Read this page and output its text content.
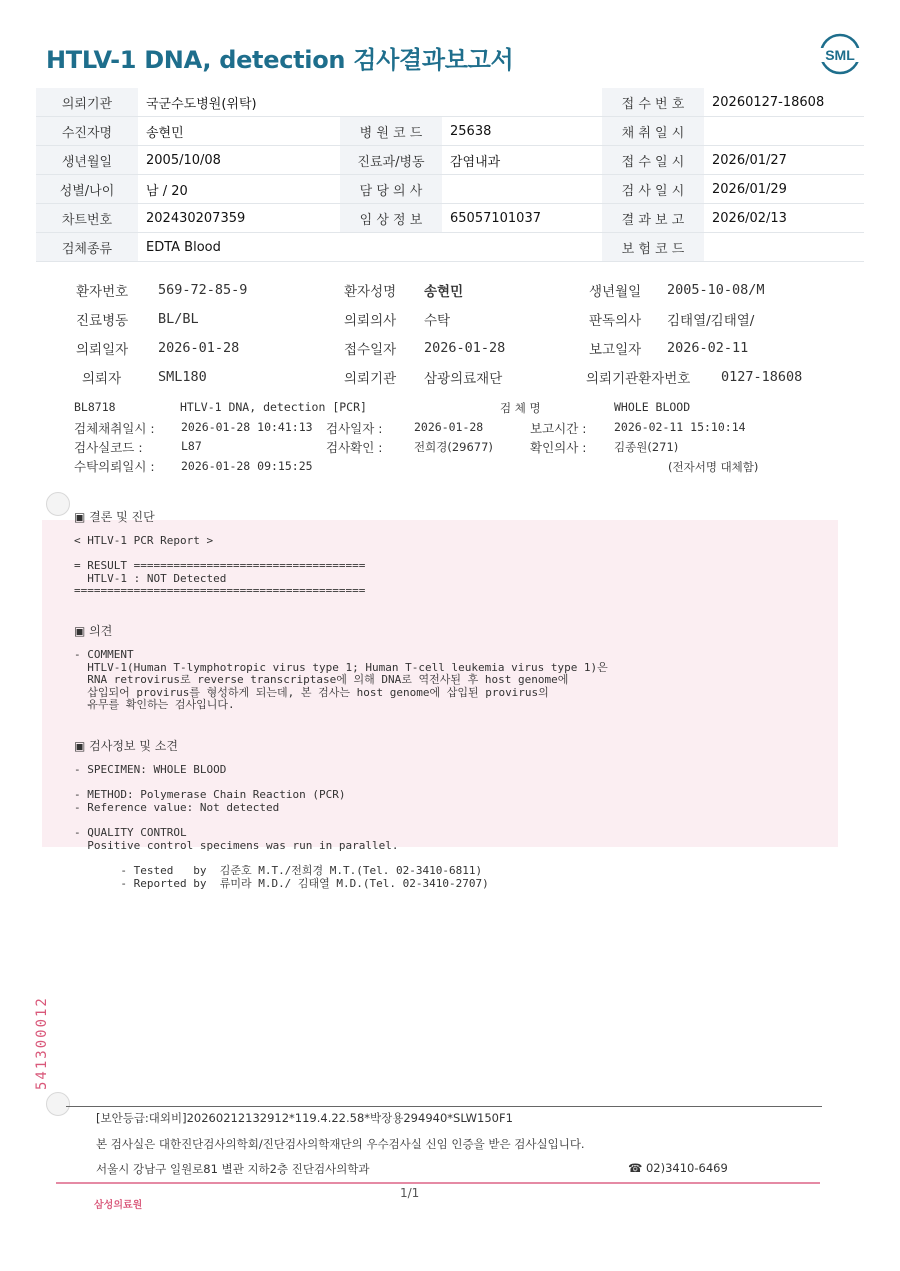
HTLV-1 DNA, detection 검사결과보고서	SML
의뢰기관	국군수도병원(위탁)			접 수 번 호	20260127-18608
수진자명	송현민	병 원 코 드	25638	채 취 일 시	
생년월일	2005/10/08	진료과/병동	감염내과	접 수 일 시	2026/01/27
성별/나이	남 / 20	담 당 의 사		검 사 일 시	2026/01/29
차트번호	202430207359	임 상 정 보	65057101037	결 과 보 고	2026/02/13
검체종류	EDTA Blood			보 험 코 드	
환자번호 569-72-85-9	환자성명 송현민	생년월일 2005-10-08/M
진료병동 BL/BL	의뢰의사 수탁	판독의사 김태열/김태열/
의뢰일자 2026-01-28	접수일자 2026-01-28	보고일자 2026-02-11
의뢰자	SML180	의뢰기관 삼광의료재단	의뢰기관환자번호 0127-18608
BL8718	HTLV-1 DNA, detection [PCR]	검 체 명	WHOLE BLOOD
검체채취일시 : 2026-01-28 10:41:13 검사일자 :	2026-01-28	보고시간 : 2026-02-11 15:10:14
검사실코드 :	L87	검사확인 :	전희경(29677)	확인의사 : 김종원(271)
수탁의뢰일시 : 2026-01-28 09:15:25	(전자서명 대체함)
▣ 결론 및 진단
< HTLV-1 PCR Report >

= RESULT ===================================
HTLV-1 : NOT Detected
============================================
▣ 의견
- COMMENT
HTLV-1(Human T-lymphotropic virus type 1; Human T-cell leukemia virus type 1)은
RNA retrovirus로 reverse transcriptase에 의해 DNA로 역전사된 후 host genome에
삽입되어 provirus를 형성하게 되는데, 본 검사는 host genome에 삽입된 provirus의
유무를 확인하는 검사입니다.
▣ 검사정보 및 소견
- SPECIMEN: WHOLE BLOOD

- METHOD: Polymerase Chain Reaction (PCR)
- Reference value: Not detected

- QUALITY CONTROL
Positive control specimens was run in parallel.
- Tested   by  김준호 M.T./전희경 M.T.(Tel. 02-3410-6811)
- Reported by  류미라 M.D./ 김태열 M.D.(Tel. 02-3410-2707)
541300012
[보안등급:대외비]20260212132912*119.4.22.58*박장용294940*SLW150F1
본 검사실은 대한진단검사의학회/진단검사의학재단의 우수검사실 신임 인증을 받은 검사실입니다.
서울시 강남구 일원로81 별관 지하2층 진단검사의학과	☎ 02)3410-6469
1/1
삼성의료원
